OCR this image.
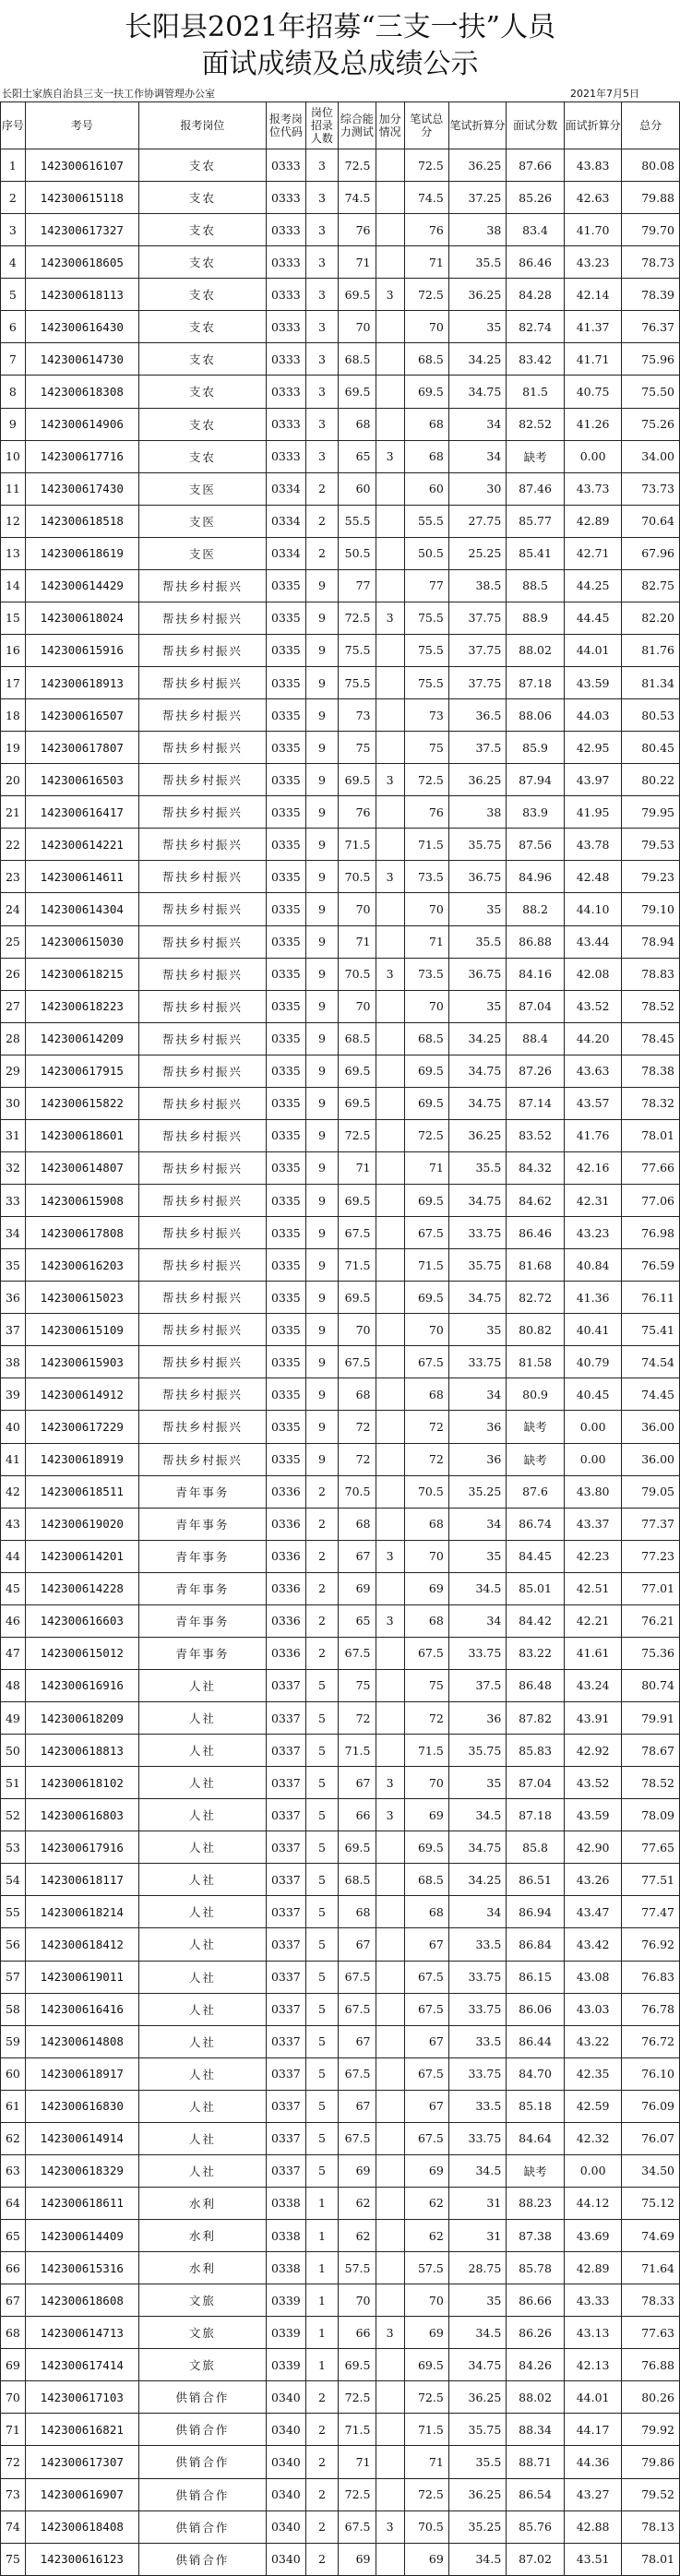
长阳县2021年招募“三支一扶”人员
面试成绩及总成绩公示
长阳土家族自治县三支一扶工作协调管理办公室	2021年7月5日
序号	考号	报考岗位	报考岗位代码	岗位招录人数	综合能力测试	加分情况	笔试总分	笔试折算分	面试分数	面试折算分	总分
1	142300616107	支农	0333	3	72.5		72.5	36.25	87.66	43.83	80.08
2	142300615118	支农	0333	3	74.5		74.5	37.25	85.26	42.63	79.88
3	142300617327	支农	0333	3	76		76	38	83.4	41.70	79.70
4	142300618605	支农	0333	3	71		71	35.5	86.46	43.23	78.73
5	142300618113	支农	0333	3	69.5	3	72.5	36.25	84.28	42.14	78.39
6	142300616430	支农	0333	3	70		70	35	82.74	41.37	76.37
7	142300614730	支农	0333	3	68.5		68.5	34.25	83.42	41.71	75.96
8	142300618308	支农	0333	3	69.5		69.5	34.75	81.5	40.75	75.50
9	142300614906	支农	0333	3	68		68	34	82.52	41.26	75.26
10	142300617716	支农	0333	3	65	3	68	34	缺考	0.00	34.00
11	142300617430	支医	0334	2	60		60	30	87.46	43.73	73.73
12	142300618518	支医	0334	2	55.5		55.5	27.75	85.77	42.89	70.64
13	142300618619	支医	0334	2	50.5		50.5	25.25	85.41	42.71	67.96
14	142300614429	帮扶乡村振兴	0335	9	77		77	38.5	88.5	44.25	82.75
15	142300618024	帮扶乡村振兴	0335	9	72.5	3	75.5	37.75	88.9	44.45	82.20
16	142300615916	帮扶乡村振兴	0335	9	75.5		75.5	37.75	88.02	44.01	81.76
17	142300618913	帮扶乡村振兴	0335	9	75.5		75.5	37.75	87.18	43.59	81.34
18	142300616507	帮扶乡村振兴	0335	9	73		73	36.5	88.06	44.03	80.53
19	142300617807	帮扶乡村振兴	0335	9	75		75	37.5	85.9	42.95	80.45
20	142300616503	帮扶乡村振兴	0335	9	69.5	3	72.5	36.25	87.94	43.97	80.22
21	142300616417	帮扶乡村振兴	0335	9	76		76	38	83.9	41.95	79.95
22	142300614221	帮扶乡村振兴	0335	9	71.5		71.5	35.75	87.56	43.78	79.53
23	142300614611	帮扶乡村振兴	0335	9	70.5	3	73.5	36.75	84.96	42.48	79.23
24	142300614304	帮扶乡村振兴	0335	9	70		70	35	88.2	44.10	79.10
25	142300615030	帮扶乡村振兴	0335	9	71		71	35.5	86.88	43.44	78.94
26	142300618215	帮扶乡村振兴	0335	9	70.5	3	73.5	36.75	84.16	42.08	78.83
27	142300618223	帮扶乡村振兴	0335	9	70		70	35	87.04	43.52	78.52
28	142300614209	帮扶乡村振兴	0335	9	68.5		68.5	34.25	88.4	44.20	78.45
29	142300617915	帮扶乡村振兴	0335	9	69.5		69.5	34.75	87.26	43.63	78.38
30	142300615822	帮扶乡村振兴	0335	9	69.5		69.5	34.75	87.14	43.57	78.32
31	142300618601	帮扶乡村振兴	0335	9	72.5		72.5	36.25	83.52	41.76	78.01
32	142300614807	帮扶乡村振兴	0335	9	71		71	35.5	84.32	42.16	77.66
33	142300615908	帮扶乡村振兴	0335	9	69.5		69.5	34.75	84.62	42.31	77.06
34	142300617808	帮扶乡村振兴	0335	9	67.5		67.5	33.75	86.46	43.23	76.98
35	142300616203	帮扶乡村振兴	0335	9	71.5		71.5	35.75	81.68	40.84	76.59
36	142300615023	帮扶乡村振兴	0335	9	69.5		69.5	34.75	82.72	41.36	76.11
37	142300615109	帮扶乡村振兴	0335	9	70		70	35	80.82	40.41	75.41
38	142300615903	帮扶乡村振兴	0335	9	67.5		67.5	33.75	81.58	40.79	74.54
39	142300614912	帮扶乡村振兴	0335	9	68		68	34	80.9	40.45	74.45
40	142300617229	帮扶乡村振兴	0335	9	72		72	36	缺考	0.00	36.00
41	142300618919	帮扶乡村振兴	0335	9	72		72	36	缺考	0.00	36.00
42	142300618511	青年事务	0336	2	70.5		70.5	35.25	87.6	43.80	79.05
43	142300619020	青年事务	0336	2	68		68	34	86.74	43.37	77.37
44	142300614201	青年事务	0336	2	67	3	70	35	84.45	42.23	77.23
45	142300614228	青年事务	0336	2	69		69	34.5	85.01	42.51	77.01
46	142300616603	青年事务	0336	2	65	3	68	34	84.42	42.21	76.21
47	142300615012	青年事务	0336	2	67.5		67.5	33.75	83.22	41.61	75.36
48	142300616916	人社	0337	5	75		75	37.5	86.48	43.24	80.74
49	142300618209	人社	0337	5	72		72	36	87.82	43.91	79.91
50	142300618813	人社	0337	5	71.5		71.5	35.75	85.83	42.92	78.67
51	142300618102	人社	0337	5	67	3	70	35	87.04	43.52	78.52
52	142300616803	人社	0337	5	66	3	69	34.5	87.18	43.59	78.09
53	142300617916	人社	0337	5	69.5		69.5	34.75	85.8	42.90	77.65
54	142300618117	人社	0337	5	68.5		68.5	34.25	86.51	43.26	77.51
55	142300618214	人社	0337	5	68		68	34	86.94	43.47	77.47
56	142300618412	人社	0337	5	67		67	33.5	86.84	43.42	76.92
57	142300619011	人社	0337	5	67.5		67.5	33.75	86.15	43.08	76.83
58	142300616416	人社	0337	5	67.5		67.5	33.75	86.06	43.03	76.78
59	142300614808	人社	0337	5	67		67	33.5	86.44	43.22	76.72
60	142300618917	人社	0337	5	67.5		67.5	33.75	84.70	42.35	76.10
61	142300616830	人社	0337	5	67		67	33.5	85.18	42.59	76.09
62	142300614914	人社	0337	5	67.5		67.5	33.75	84.64	42.32	76.07
63	142300618329	人社	0337	5	69		69	34.5	缺考	0.00	34.50
64	142300618611	水利	0338	1	62		62	31	88.23	44.12	75.12
65	142300614409	水利	0338	1	62		62	31	87.38	43.69	74.69
66	142300615316	水利	0338	1	57.5		57.5	28.75	85.78	42.89	71.64
67	142300618608	文旅	0339	1	70		70	35	86.66	43.33	78.33
68	142300614713	文旅	0339	1	66	3	69	34.5	86.26	43.13	77.63
69	142300617414	文旅	0339	1	69.5		69.5	34.75	84.26	42.13	76.88
70	142300617103	供销合作	0340	2	72.5		72.5	36.25	88.02	44.01	80.26
71	142300616821	供销合作	0340	2	71.5		71.5	35.75	88.34	44.17	79.92
72	142300617307	供销合作	0340	2	71		71	35.5	88.71	44.36	79.86
73	142300616907	供销合作	0340	2	72.5		72.5	36.25	86.54	43.27	79.52
74	142300618408	供销合作	0340	2	67.5	3	70.5	35.25	85.76	42.88	78.13
75	142300616123	供销合作	0340	2	69		69	34.5	87.02	43.51	78.01
